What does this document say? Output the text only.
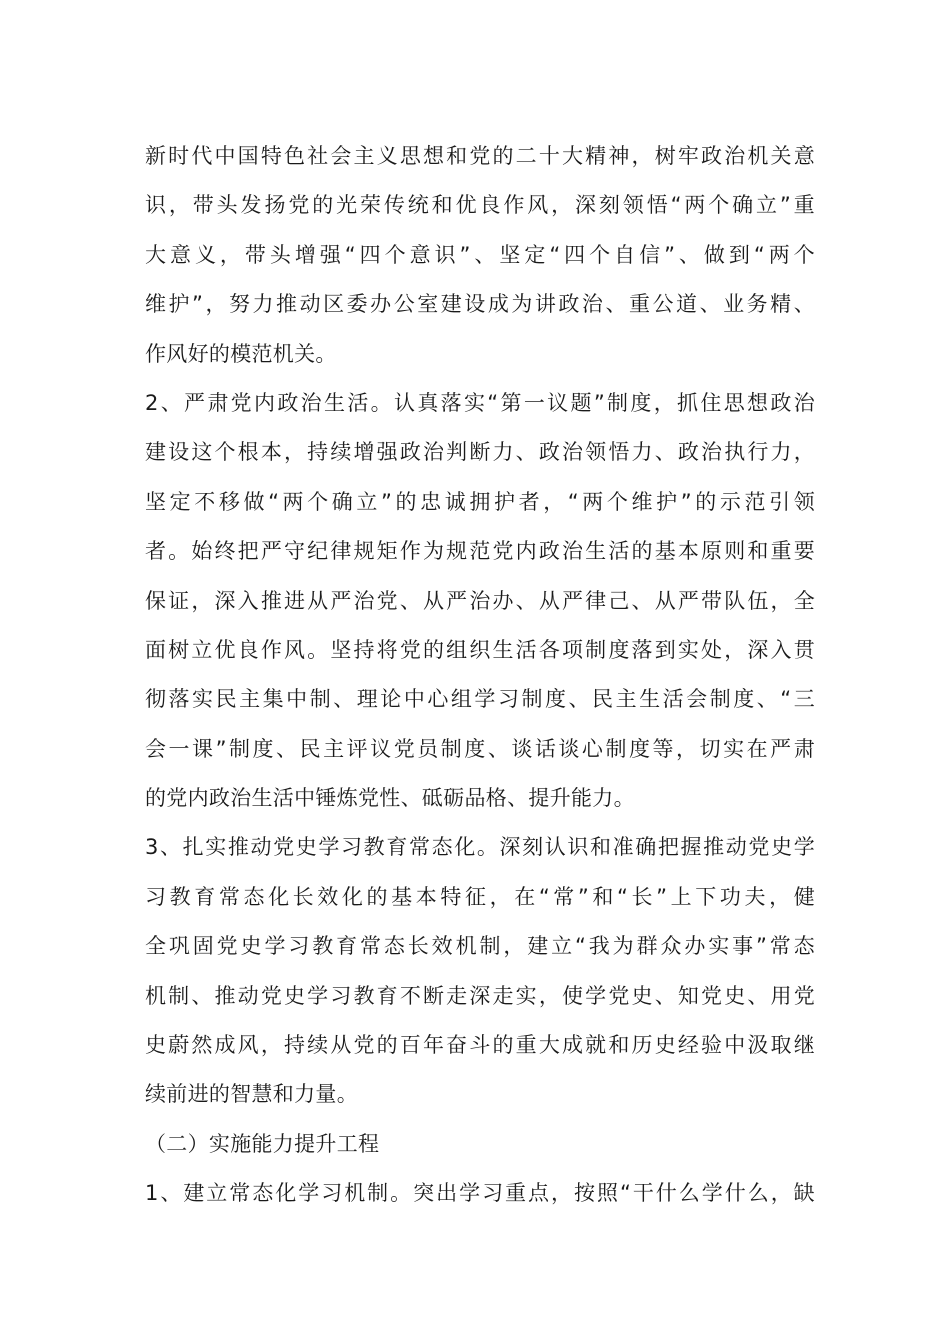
新时代中国特色社会主义思想和党的二十大精神，树牢政治机关意
识，带头发扬党的光荣传统和优良作风，深刻领悟“两个确立”重
大意义，带头增强“四个意识”、坚定“四个自信”、做到“两个
维护”，努力推动区委办公室建设成为讲政治、重公道、业务精、
作风好的模范机关。
2、严肃党内政治生活。认真落实“第一议题”制度，抓住思想政治
建设这个根本，持续增强政治判断力、政治领悟力、政治执行力，
坚定不移做“两个确立”的忠诚拥护者，“两个维护”的示范引领
者。始终把严守纪律规矩作为规范党内政治生活的基本原则和重要
保证，深入推进从严治党、从严治办、从严律己、从严带队伍，全
面树立优良作风。坚持将党的组织生活各项制度落到实处，深入贯
彻落实民主集中制、理论中心组学习制度、民主生活会制度、“三
会一课”制度、民主评议党员制度、谈话谈心制度等，切实在严肃
的党内政治生活中锤炼党性、砥砺品格、提升能力。
3、扎实推动党史学习教育常态化。深刻认识和准确把握推动党史学
习教育常态化长效化的基本特征，在“常”和“长”上下功夫，健
全巩固党史学习教育常态长效机制，建立“我为群众办实事”常态
机制、推动党史学习教育不断走深走实，使学党史、知党史、用党
史蔚然成风，持续从党的百年奋斗的重大成就和历史经验中汲取继
续前进的智慧和力量。
（二）实施能力提升工程
1、建立常态化学习机制。突出学习重点，按照“干什么学什么，缺
